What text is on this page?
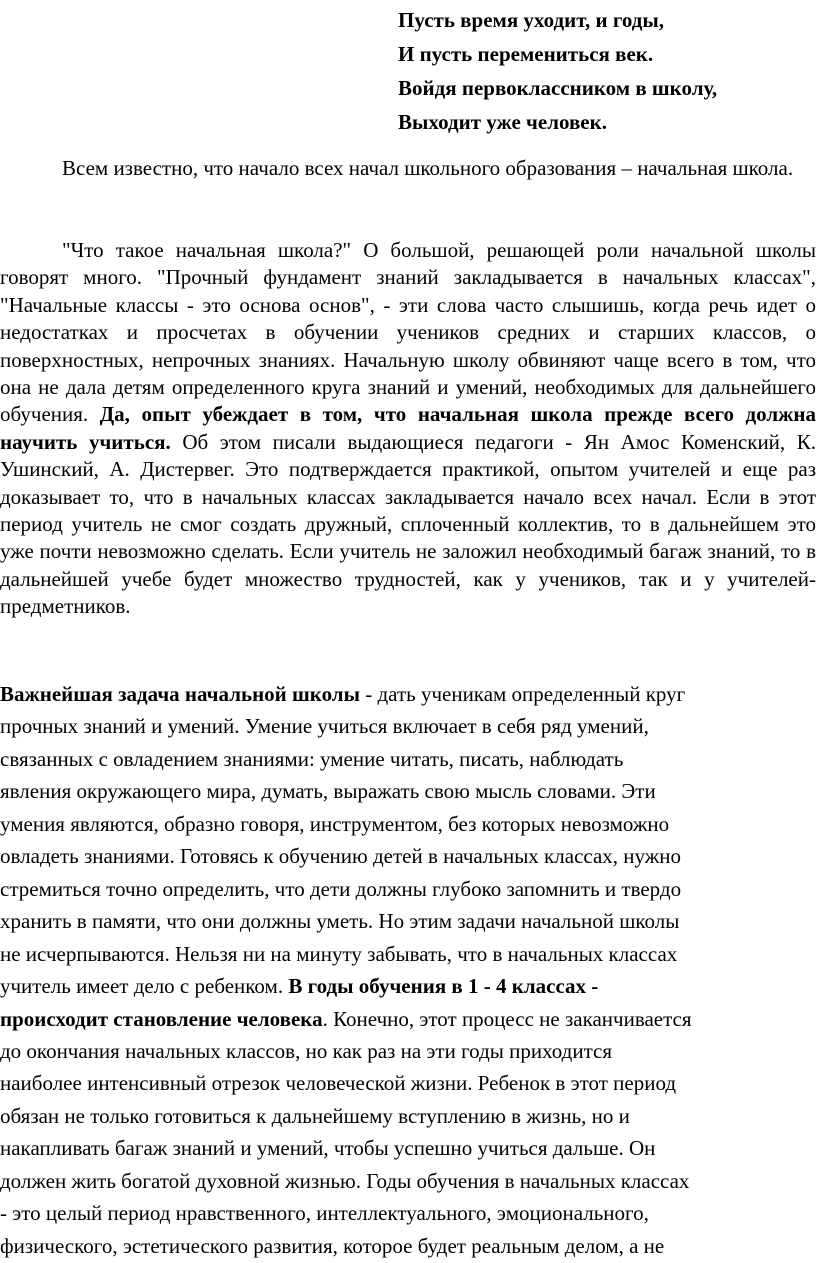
Пусть время уходит, и годы,
И пусть перемениться век.
Войдя первоклассником в школу,
Выходит уже человек.

Всем известно, что начало всех начал школьного образования – начальная школа.

"Что такое начальная школа?" О большой, решающей роли начальной школы говорят много. "Прочный фундамент знаний закладывается в начальных классах", "Начальные классы - это основа основ", - эти слова часто слышишь, когда речь идет о недостатках и просчетах в обучении учеников средних и старших классов, о поверхностных, непрочных знаниях. Начальную школу обвиняют чаще всего в том, что она не дала детям определенного круга знаний и умений, необходимых для дальнейшего обучения. Да, опыт убеждает в том, что начальная школа прежде всего должна научить учиться. Об этом писали выдающиеся педагоги - Ян Амос Коменский, К. Ушинский, А. Дистервег. Это подтверждается практикой, опытом учителей и еще раз доказывает то, что в начальных классах закладывается начало всех начал. Если в этот период учитель не смог создать дружный, сплоченный коллектив, то в дальнейшем это уже почти невозможно сделать. Если учитель не заложил необходимый багаж знаний, то в дальнейшей учебе будет множество трудностей, как у учеников, так и у учителей-предметников.

Важнейшая задача начальной школы - дать ученикам определенный круг
прочных знаний и умений. Умение учиться включает в себя ряд умений,
связанных с овладением знаниями: умение читать, писать, наблюдать
явления окружающего мира, думать, выражать свою мысль словами. Эти
умения являются, образно говоря, инструментом, без которых невозможно
овладеть знаниями. Готовясь к обучению детей в начальных классах, нужно
стремиться точно определить, что дети должны глубоко запомнить и твердо
хранить в памяти, что они должны уметь. Но этим задачи начальной школы
не исчерпываются. Нельзя ни на минуту забывать, что в начальных классах
учитель имеет дело с ребенком. В годы обучения в 1 - 4 классах -
происходит становление человека. Конечно, этот процесс не заканчивается
до окончания начальных классов, но как раз на эти годы приходится
наиболее интенсивный отрезок человеческой жизни. Ребенок в этот период
обязан не только готовиться к дальнейшему вступлению в жизнь, но и
накапливать багаж знаний и умений, чтобы успешно учиться дальше. Он
должен жить богатой духовной жизнью. Годы обучения в начальных классах
- это целый период нравственного, интеллектуального, эмоционального,
физического, эстетического развития, которое будет реальным делом, а не
